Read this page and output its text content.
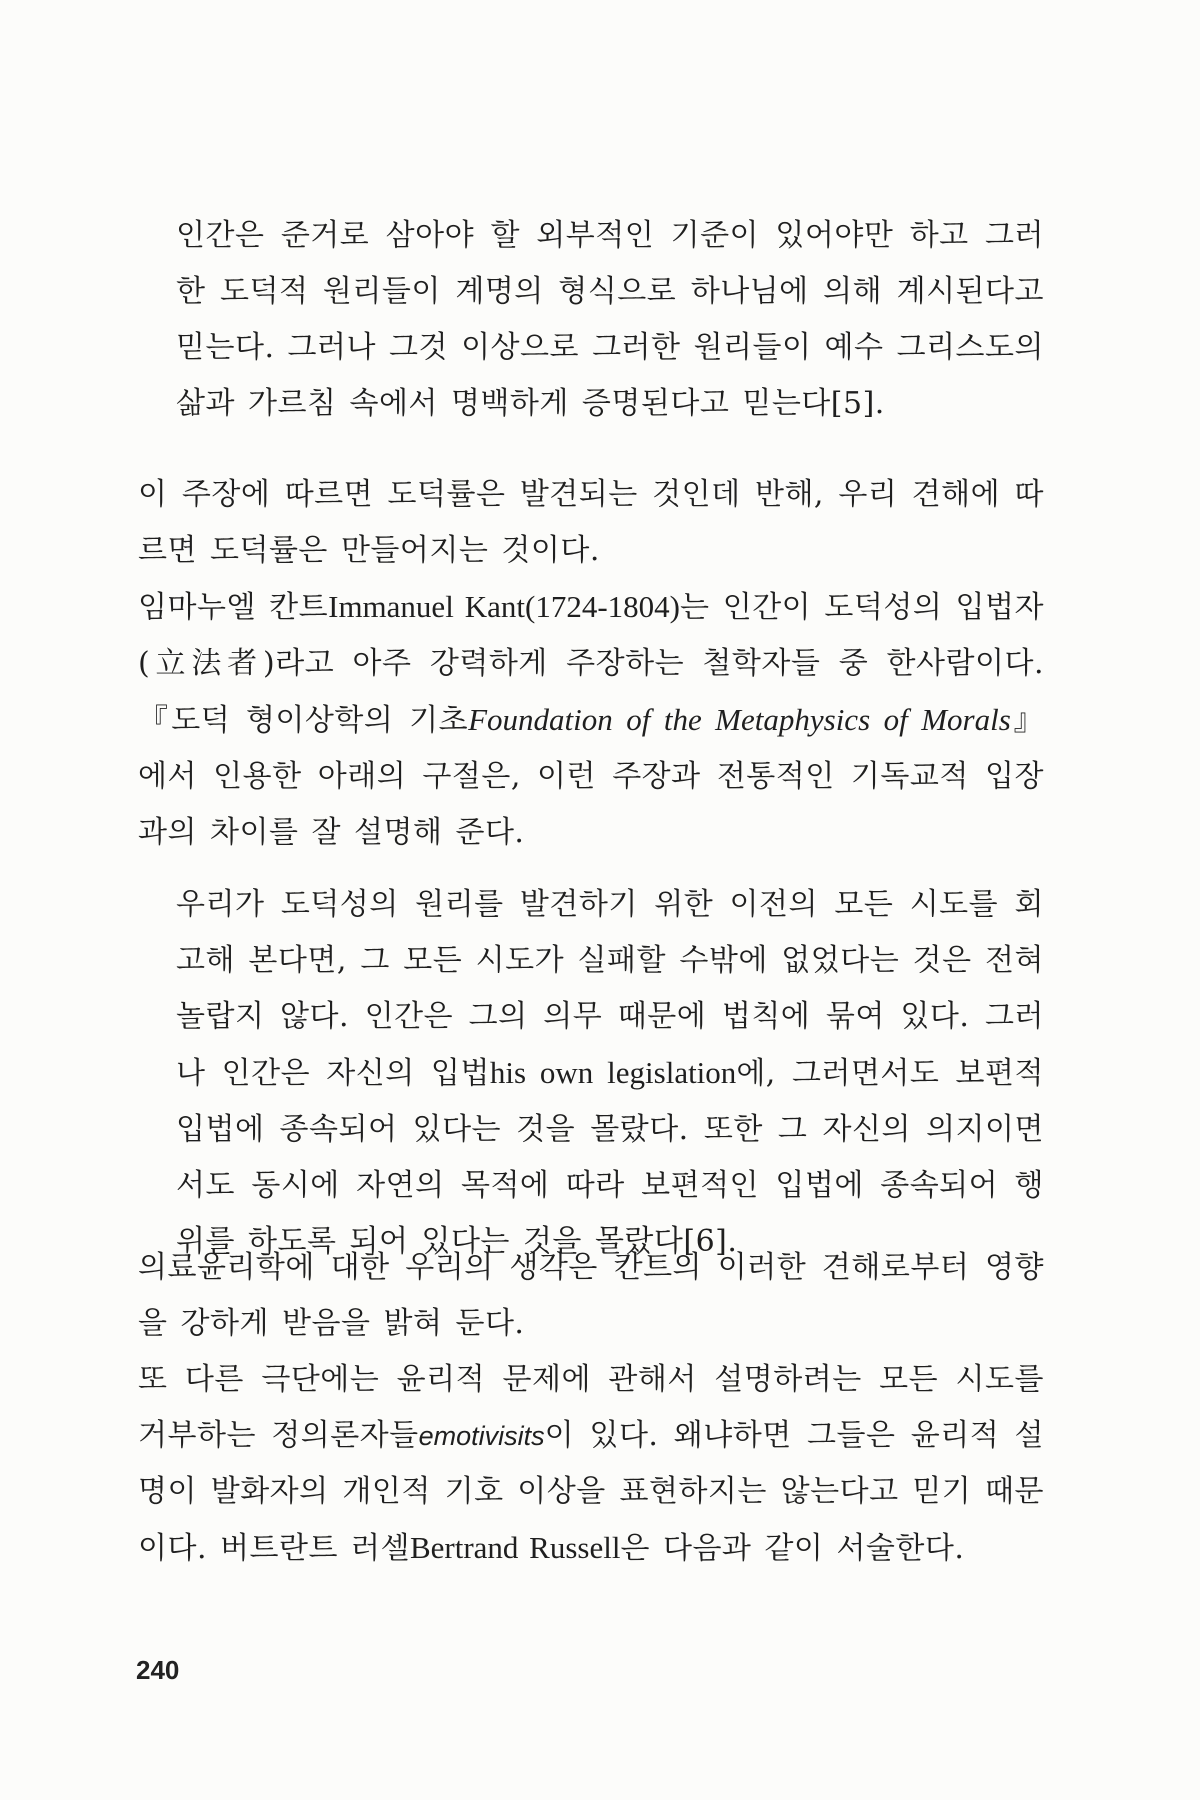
인간은 준거로 삼아야 할 외부적인 기준이 있어야만 하고 그러한 도덕적 원리들이 계명의 형식으로 하나님에 의해 계시된다고 믿는다. 그러나 그것 이상으로 그러한 원리들이 예수 그리스도의 삶과 가르침 속에서 명백하게 증명된다고 믿는다[5].

이 주장에 따르면 도덕률은 발견되는 것인데 반해, 우리 견해에 따르면 도덕률은 만들어지는 것이다.

임마누엘 칸트Immanuel Kant(1724-1804)는 인간이 도덕성의 입법자(立法者)라고 아주 강력하게 주장하는 철학자들 중 한사람이다. 『도덕 형이상학의 기초Foundation of the Metaphysics of Morals』에서 인용한 아래의 구절은, 이런 주장과 전통적인 기독교적 입장과의 차이를 잘 설명해 준다.

우리가 도덕성의 원리를 발견하기 위한 이전의 모든 시도를 회고해 본다면, 그 모든 시도가 실패할 수밖에 없었다는 것은 전혀 놀랍지 않다. 인간은 그의 의무 때문에 법칙에 묶여 있다. 그러나 인간은 자신의 입법his own legislation에, 그러면서도 보편적 입법에 종속되어 있다는 것을 몰랐다. 또한 그 자신의 의지이면서도 동시에 자연의 목적에 따라 보편적인 입법에 종속되어 행위를 하도록 되어 있다는 것을 몰랐다[6].

의료윤리학에 대한 우리의 생각은 칸트의 이러한 견해로부터 영향을 강하게 받음을 밝혀 둔다.

또 다른 극단에는 윤리적 문제에 관해서 설명하려는 모든 시도를 거부하는 정의론자들emotivisits이 있다. 왜냐하면 그들은 윤리적 설명이 발화자의 개인적 기호 이상을 표현하지는 않는다고 믿기 때문이다. 버트란트 러셀Bertrand Russell은 다음과 같이 서술한다.

240
